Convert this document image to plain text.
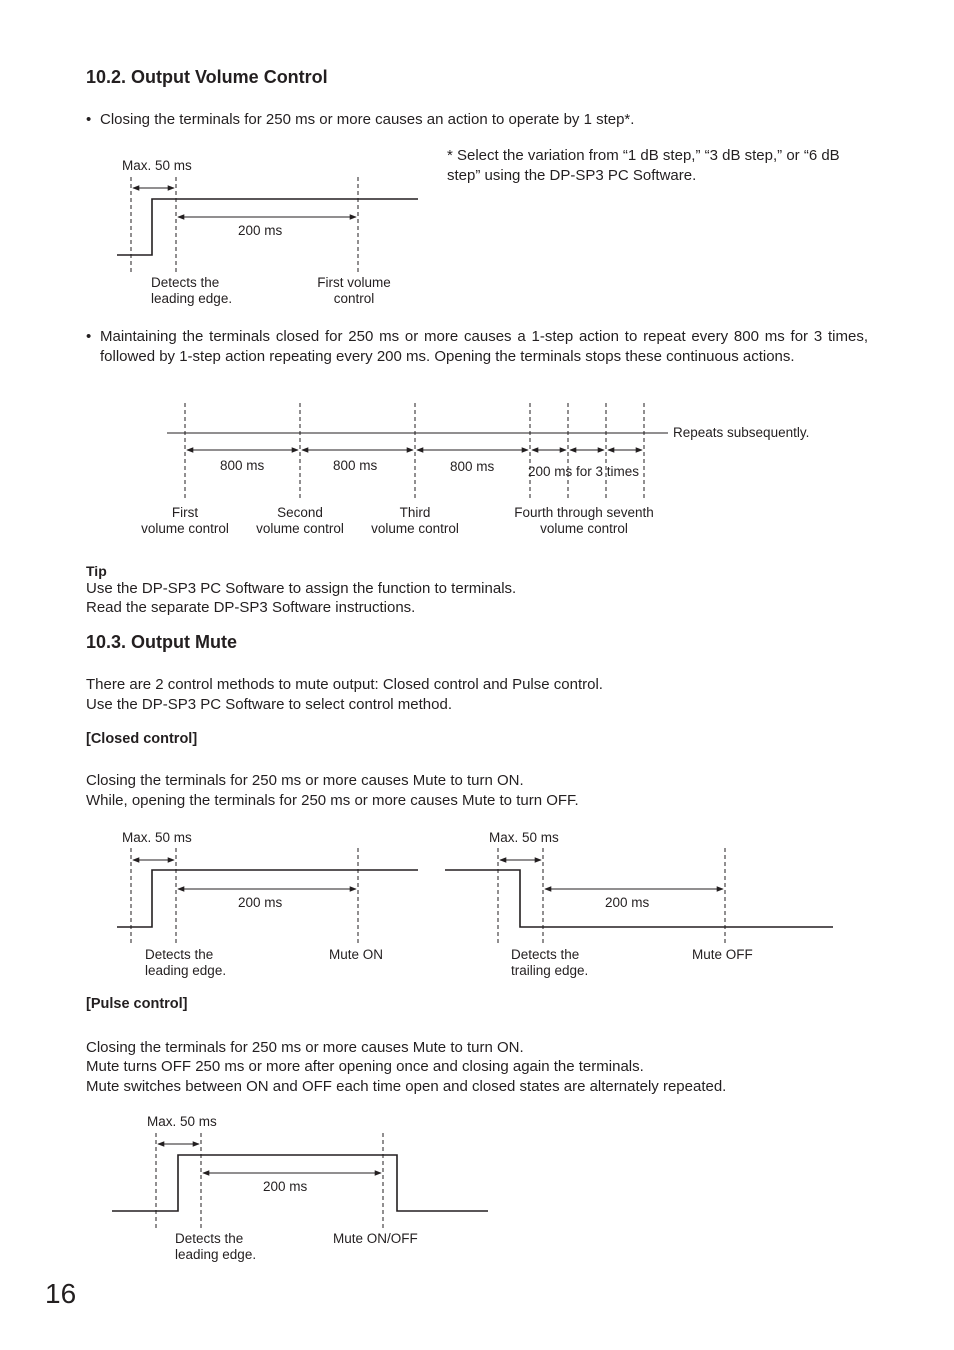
10.2. Output Volume Control
• Closing the terminals for 250 ms or more causes an action to operate by 1 step*.
* Select the variation from “1 dB step,” “3 dB step,” or “6 dB step” using the DP-SP3 PC Software.
Max. 50 ms
200 ms
Detects the
leading edge.
First volume
control
• Maintaining the terminals closed for 250 ms or more causes a 1-step action to repeat every 800 ms for 3 times, followed by 1-step action repeating every 200 ms. Opening the terminals stops these continuous actions.
Repeats subsequently.
800 ms	800 ms	800 ms 200 ms for 3 times
First
volume control
Second
volume control
Third
volume control
Fourth through seventh
volume control
Tip
Use the DP-SP3 PC Software to assign the function to terminals.
Read the separate DP-SP3 Software instructions.
10.3. Output Mute
There are 2 control methods to mute output: Closed control and Pulse control.
Use the DP-SP3 PC Software to select control method.
[Closed control]
Closing the terminals for 250 ms or more causes Mute to turn ON.
While, opening the terminals for 250 ms or more causes Mute to turn OFF.
Max. 50 ms
200 ms
Detects the
leading edge.
Mute ON
Max. 50 ms
200 ms
Detects the
trailing edge.
Mute OFF
[Pulse control]
Closing the terminals for 250 ms or more causes Mute to turn ON.
Mute turns OFF 250 ms or more after opening once and closing again the terminals.
Mute switches between ON and OFF each time open and closed states are alternately repeated.
Max. 50 ms
200 ms
Detects the
leading edge.
Mute ON/OFF
16
